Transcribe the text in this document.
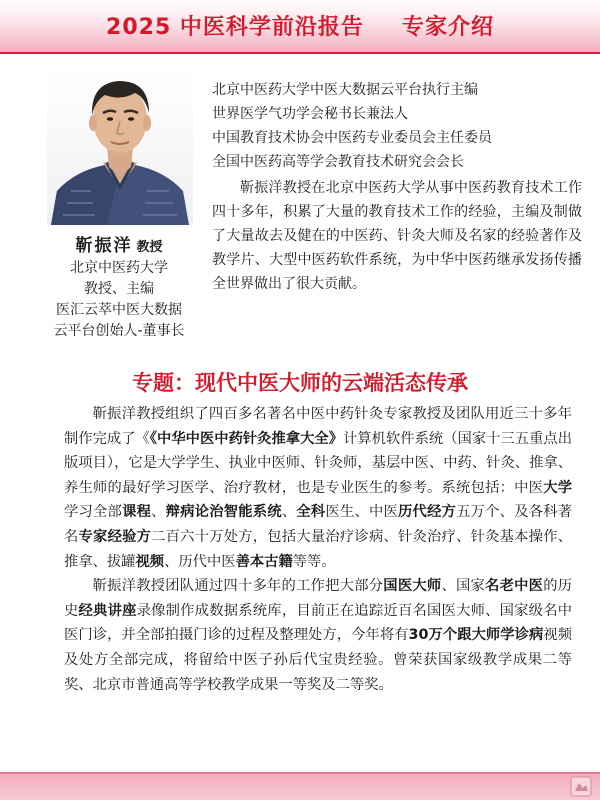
2025 中医科学前沿报告 专家介绍
北京中医药大学中医大数据云平台执行主编
世界医学气功学会秘书长兼法人
中国教育技术协会中医药专业委员会主任委员
全国中医药高等学会教育技术研究会会长
靳振洋教授在北京中医药大学从事中医药教育技术工作四十多年，积累了大量的教育技术工作的经验，主编及制做了大量故去及健在的中医药、针灸大师及名家的经验著作及教学片、大型中医药软件系统，为中华中医药继承发扬传播全世界做出了很大贡献。
靳振洋 教授
北京中医药大学
教授、主编
医汇云萃中医大数据
云平台创始人-董事长
专题：现代中医大师的云端活态传承

靳振洋教授组织了四百多名著名中医中药针灸专家教授及团队用近三十多年制作完成了《《中华中医中药针灸推拿大全》计算机软件系统（国家十三五重点出版项目），它是大学学生、执业中医师、针灸师，基层中医、中药、针灸、推拿、养生师的最好学习医学、治疗教材，也是专业医生的参考。系统包括：中医大学学习全部课程、辩病论治智能系统、全科医生、中医历代经方五万个、及各科著名专家经验方二百六十万处方，包括大量治疗诊病、针灸治疗、针灸基本操作、推拿、拔罐视频、历代中医善本古籍等等。

靳振洋教授团队通过四十多年的工作把大部分国医大师、国家名老中医的历史经典讲座录像制作成数据系统库，目前正在追踪近百名国医大师、国家级名中医门诊，并全部拍摄门诊的过程及整理处方，今年将有30万个跟大师学诊病视频及处方全部完成，将留给中医子孙后代宝贵经验。曾荣获国家级教学成果二等奖、北京市普通高等学校教学成果一等奖及二等奖。
